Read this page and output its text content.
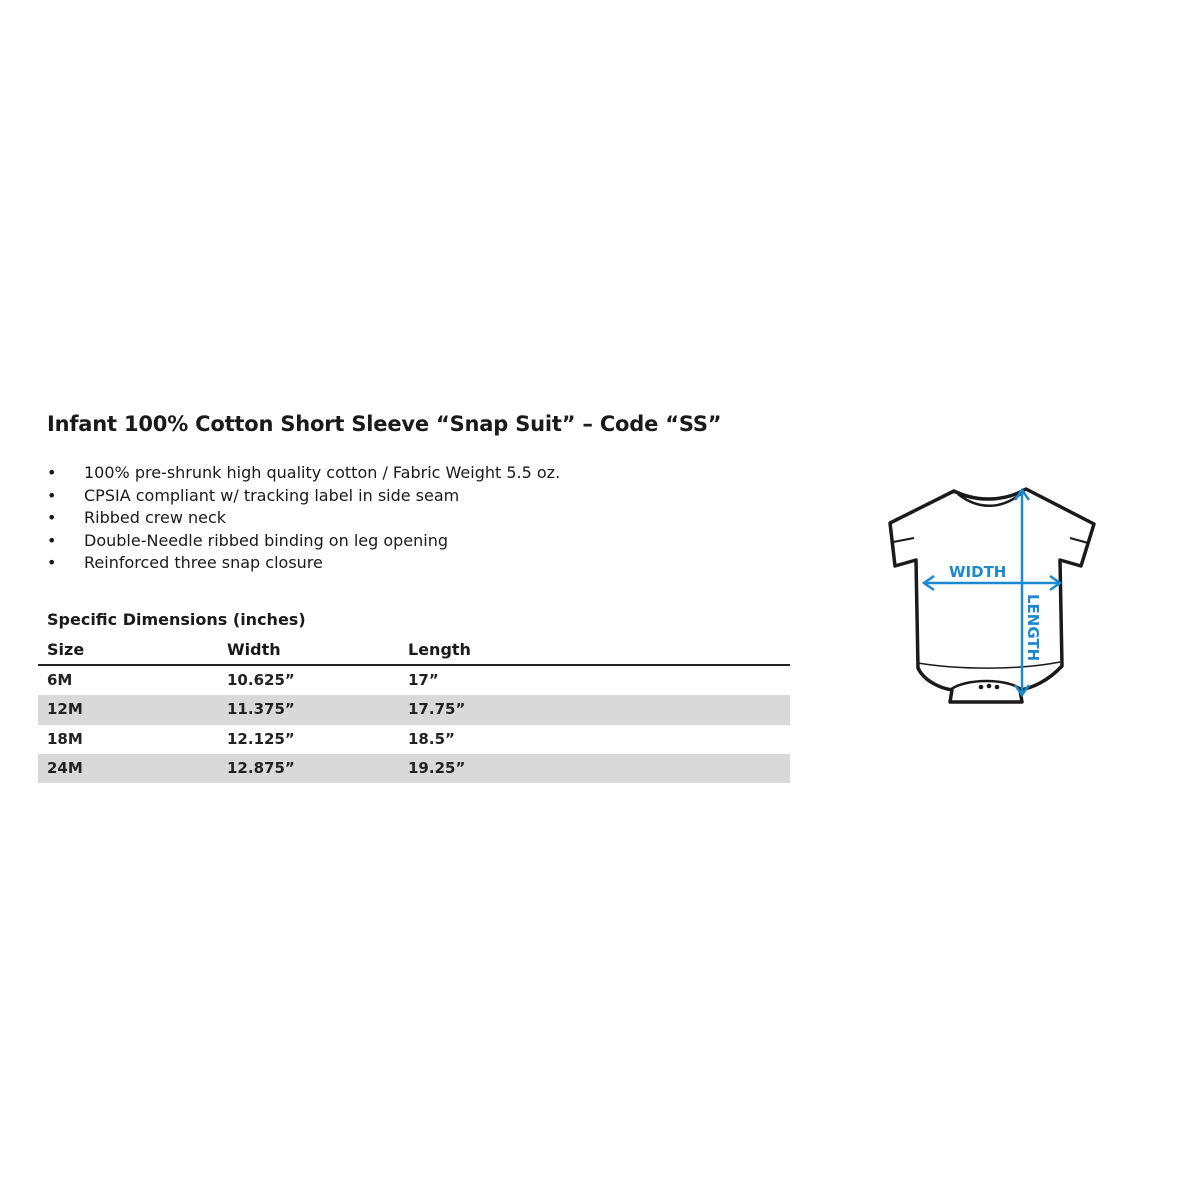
Infant 100% Cotton Short Sleeve “Snap Suit” – Code “SS”
• 100% pre-shrunk high quality cotton / Fabric Weight 5.5 oz.
• CPSIA compliant w/ tracking label in side seam
• Ribbed crew neck
• Double-Needle ribbed binding on leg opening
• Reinforced three snap closure
Specific Dimensions (inches)
Size	Width	Length
6M	10.625”	17”
12M	11.375”	17.75”
18M	12.125”	18.5”
24M	12.875”	19.25”
WIDTH
LENGTH
